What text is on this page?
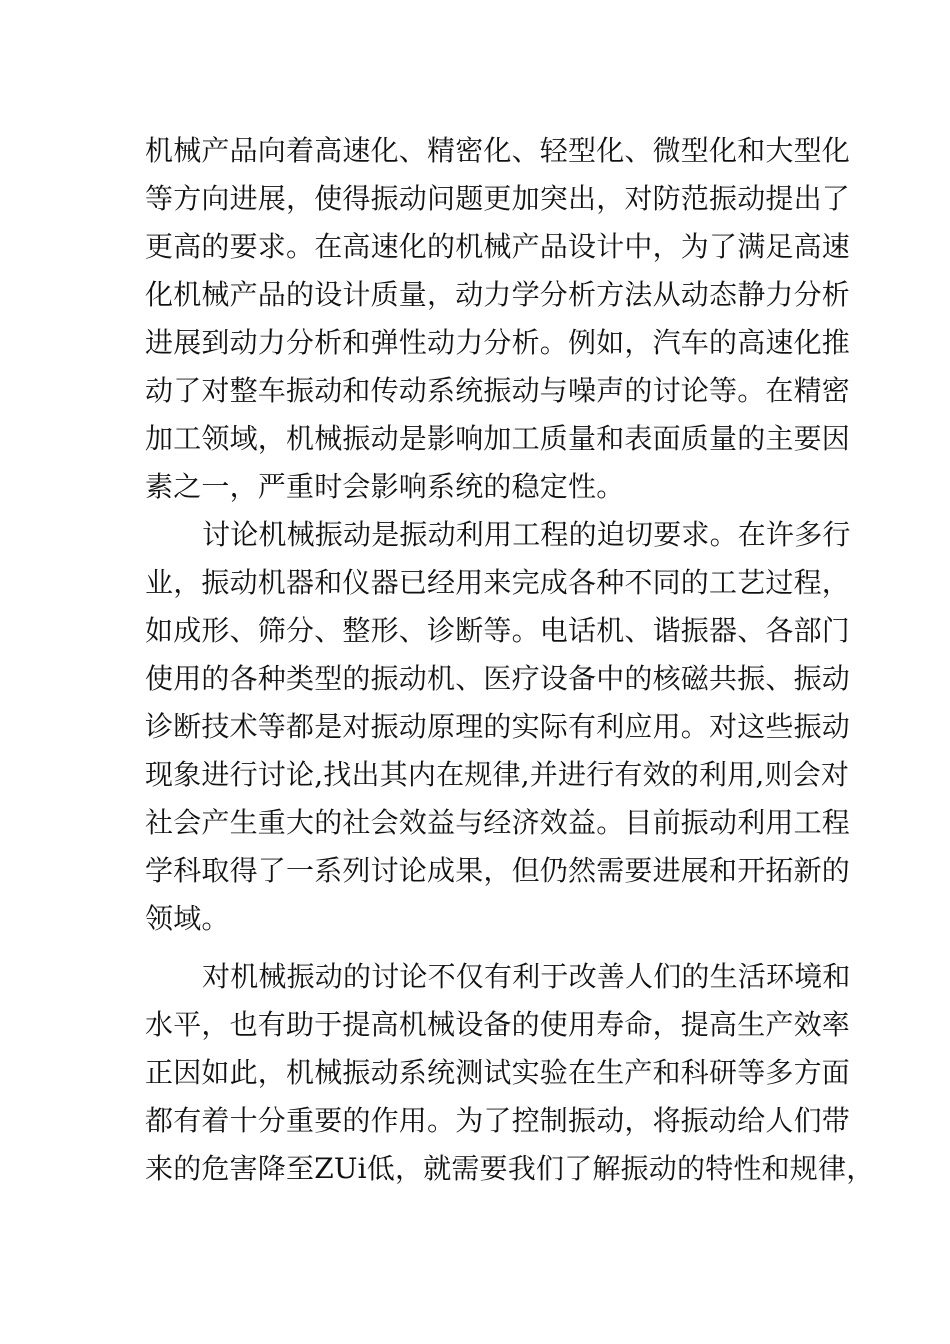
机械产品向着高速化、精密化、轻型化、微型化和大型化
等方向进展，使得振动问题更加突出，对防范振动提出了
更高的要求。在高速化的机械产品设计中，为了满足高速
化机械产品的设计质量，动力学分析方法从动态静力分析
进展到动力分析和弹性动力分析。例如，汽车的高速化推
动了对整车振动和传动系统振动与噪声的讨论等。在精密
加工领域，机械振动是影响加工质量和表面质量的主要因
素之一，严重时会影响系统的稳定性。
讨论机械振动是振动利用工程的迫切要求。在许多行
业，振动机器和仪器已经用来完成各种不同的工艺过程，
如成形、筛分、整形、诊断等。电话机、谐振器、各部门
使用的各种类型的振动机、医疗设备中的核磁共振、振动
诊断技术等都是对振动原理的实际有利应用。对这些振动
现象进行讨论,找出其内在规律,并进行有效的利用,则会对
社会产生重大的社会效益与经济效益。目前振动利用工程
学科取得了一系列讨论成果，但仍然需要进展和开拓新的
领域。
对机械振动的讨论不仅有利于改善人们的生活环境和
水平，也有助于提高机械设备的使用寿命，提高生产效率
正因如此，机械振动系统测试实验在生产和科研等多方面
都有着十分重要的作用。为了控制振动，将振动给人们带
来的危害降至ZUi低，就需要我们了解振动的特性和规律，
